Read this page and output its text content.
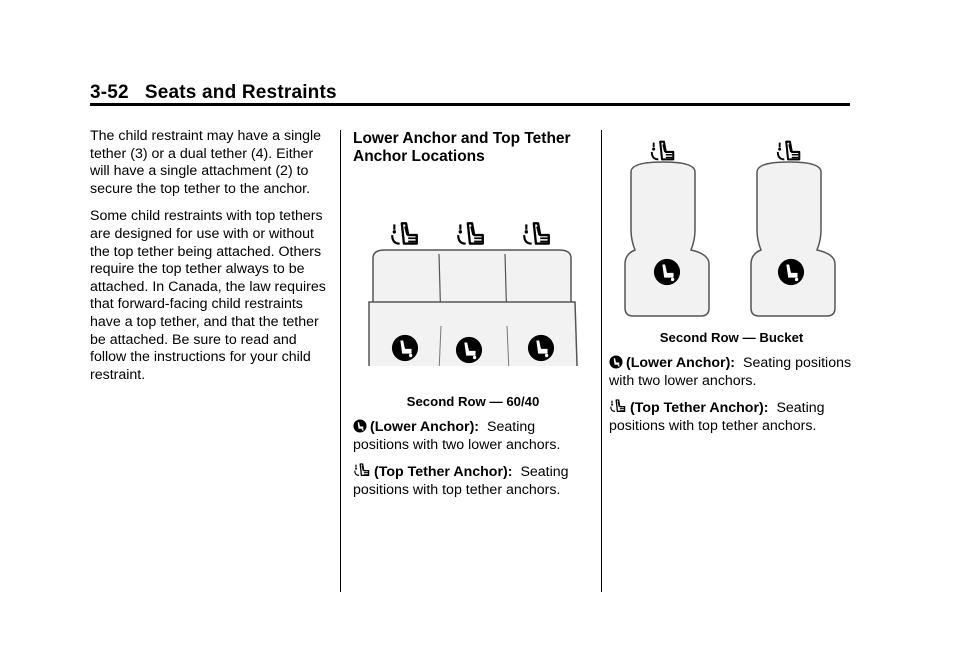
3-52 Seats and Restraints

The child restraint may have a single tether (3) or a dual tether (4). Either will have a single attachment (2) to secure the top tether to the anchor.

Some child restraints with top tethers are designed for use with or without the top tether being attached. Others require the top tether always to be attached. In Canada, the law requires that forward-facing child restraints have a top tether, and that the tether be attached. Be sure to read and follow the instructions for your child restraint.

Lower Anchor and Top Tether Anchor Locations
Second Row — 60/40
(Lower Anchor): Seating positions with two lower anchors.
(Top Tether Anchor): Seating positions with top tether anchors.
Second Row — Bucket
(Lower Anchor): Seating positions with two lower anchors.
(Top Tether Anchor): Seating positions with top tether anchors.
